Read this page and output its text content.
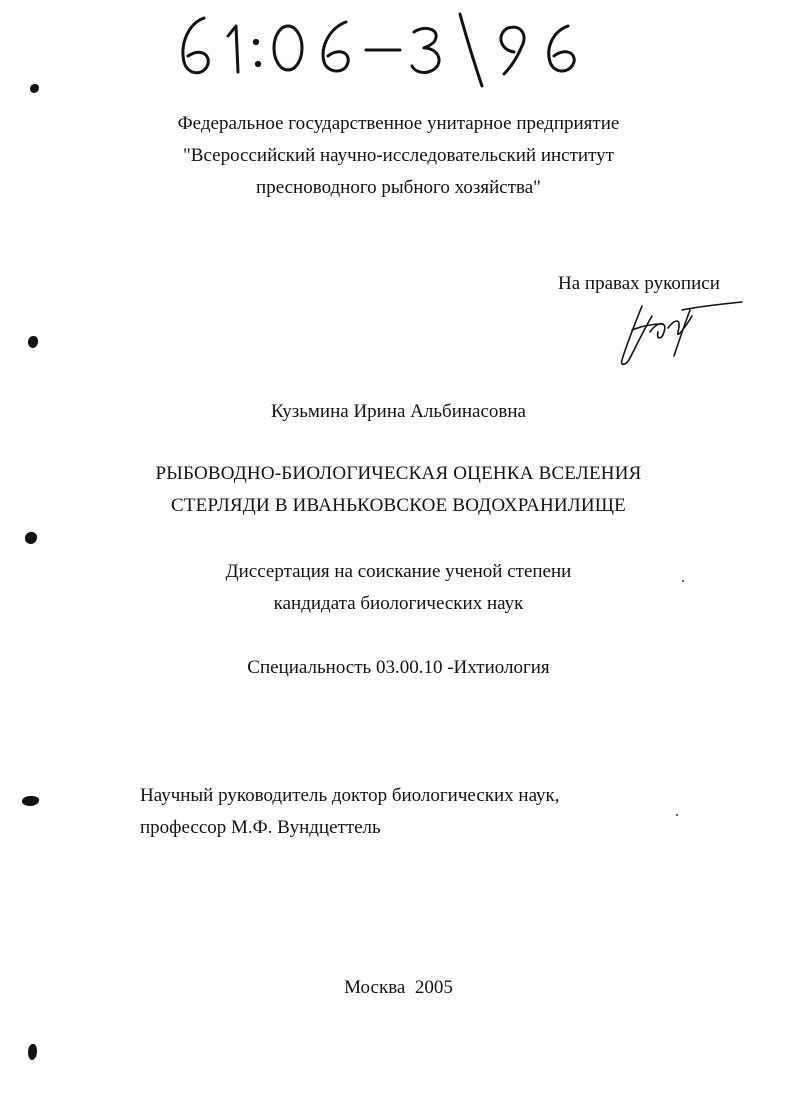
Федеральное государственное унитарное предприятие
"Всероссийский научно-исследовательский институт
пресноводного рыбного хозяйства"
На правах рукописи
Кузьмина Ирина Альбинасовна
РЫБОВОДНО-БИОЛОГИЧЕСКАЯ ОЦЕНКА ВСЕЛЕНИЯ
СТЕРЛЯДИ В ИВАНЬКОВСКОЕ ВОДОХРАНИЛИЩЕ
Диссертация на соискание ученой степени
кандидата биологических наук
Специальность 03.00.10 -Ихтиология
Научный руководитель доктор биологических наук,
профессор М.Ф. Вундцеттель
Москва  2005
